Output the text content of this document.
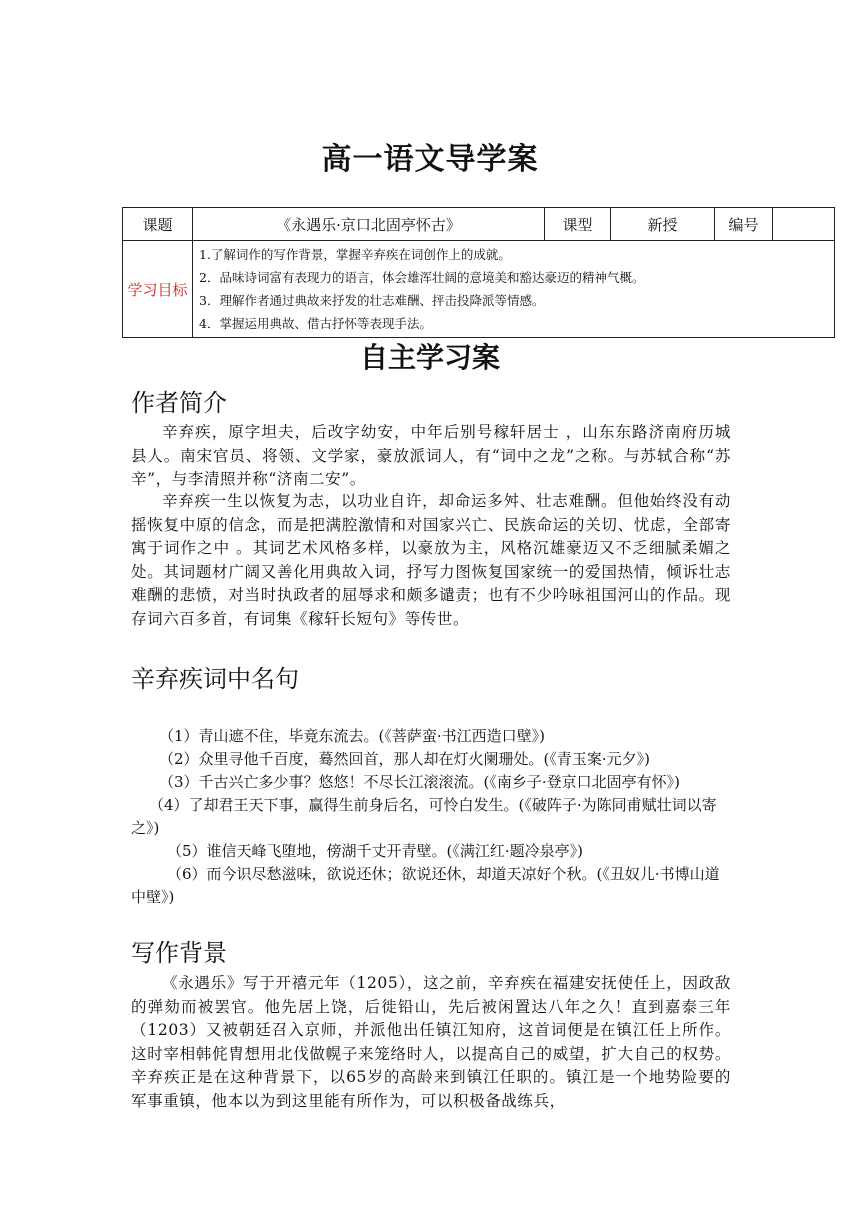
高一语文导学案
课题	《永遇乐·京口北固亭怀古》	课型	新授	编号	
学习目标	1.了解词作的写作背景，掌握辛弃疾在词创作上的成就。
2．品味诗词富有表现力的语言，体会雄浑壮阔的意境美和豁达豪迈的精神气概。
3．理解作者通过典故来抒发的壮志难酬、抨击投降派等情感。
4．掌握运用典故、借古抒怀等表现手法。				
自主学习案
作者简介
辛弃疾，原字坦夫，后改字幼安，中年后别号稼轩居士 ，山东东路济南府历城县人。南宋官员、将领、文学家，豪放派词人，有“词中之龙”之称。与苏轼合称“苏辛”，与李清照并称“济南二安”。
辛弃疾一生以恢复为志，以功业自许，却命运多舛、壮志难酬。但他始终没有动摇恢复中原的信念，而是把满腔激情和对国家兴亡、民族命运的关切、忧虑，全部寄寓于词作之中 。其词艺术风格多样，以豪放为主，风格沉雄豪迈又不乏细腻柔媚之处。其词题材广阔又善化用典故入词，抒写力图恢复国家统一的爱国热情，倾诉壮志难酬的悲愤，对当时执政者的屈辱求和颇多谴责；也有不少吟咏祖国河山的作品。现存词六百多首，有词集《稼轩长短句》等传世。
辛弃疾词中名句

（1）青山遮不住，毕竟东流去。(《菩萨蛮·书江西造口壁》)

（2）众里寻他千百度，蓦然回首，那人却在灯火阑珊处。(《青玉案·元夕》)

（3）千古兴亡多少事？悠悠！不尽长江滚滚流。(《南乡子·登京口北固亭有怀》)

（4）了却君王天下事，赢得生前身后名，可怜白发生。(《破阵子·为陈同甫赋壮词以寄之》)

（5）谁信天峰飞堕地，傍湖千丈开青壁。(《满江红·题冷泉亭》)

（6）而今识尽愁滋味，欲说还休；欲说还休，却道天凉好个秋。(《丑奴儿·书博山道中壁》)

写作背景
《永遇乐》写于开禧元年（1205），这之前，辛弃疾在福建安抚使任上，因政敌的弹劾而被罢官。他先居上饶，后徙铅山，先后被闲置达八年之久！直到嘉泰三年（1203）又被朝廷召入京师，并派他出任镇江知府，这首词便是在镇江任上所作。这时宰相韩侂胄想用北伐做幌子来笼络时人，以提高自己的威望，扩大自己的权势。辛弃疾正是在这种背景下，以65岁的高龄来到镇江任职的。镇江是一个地势险要的军事重镇，他本以为到这里能有所作为，可以积极备战练兵，
